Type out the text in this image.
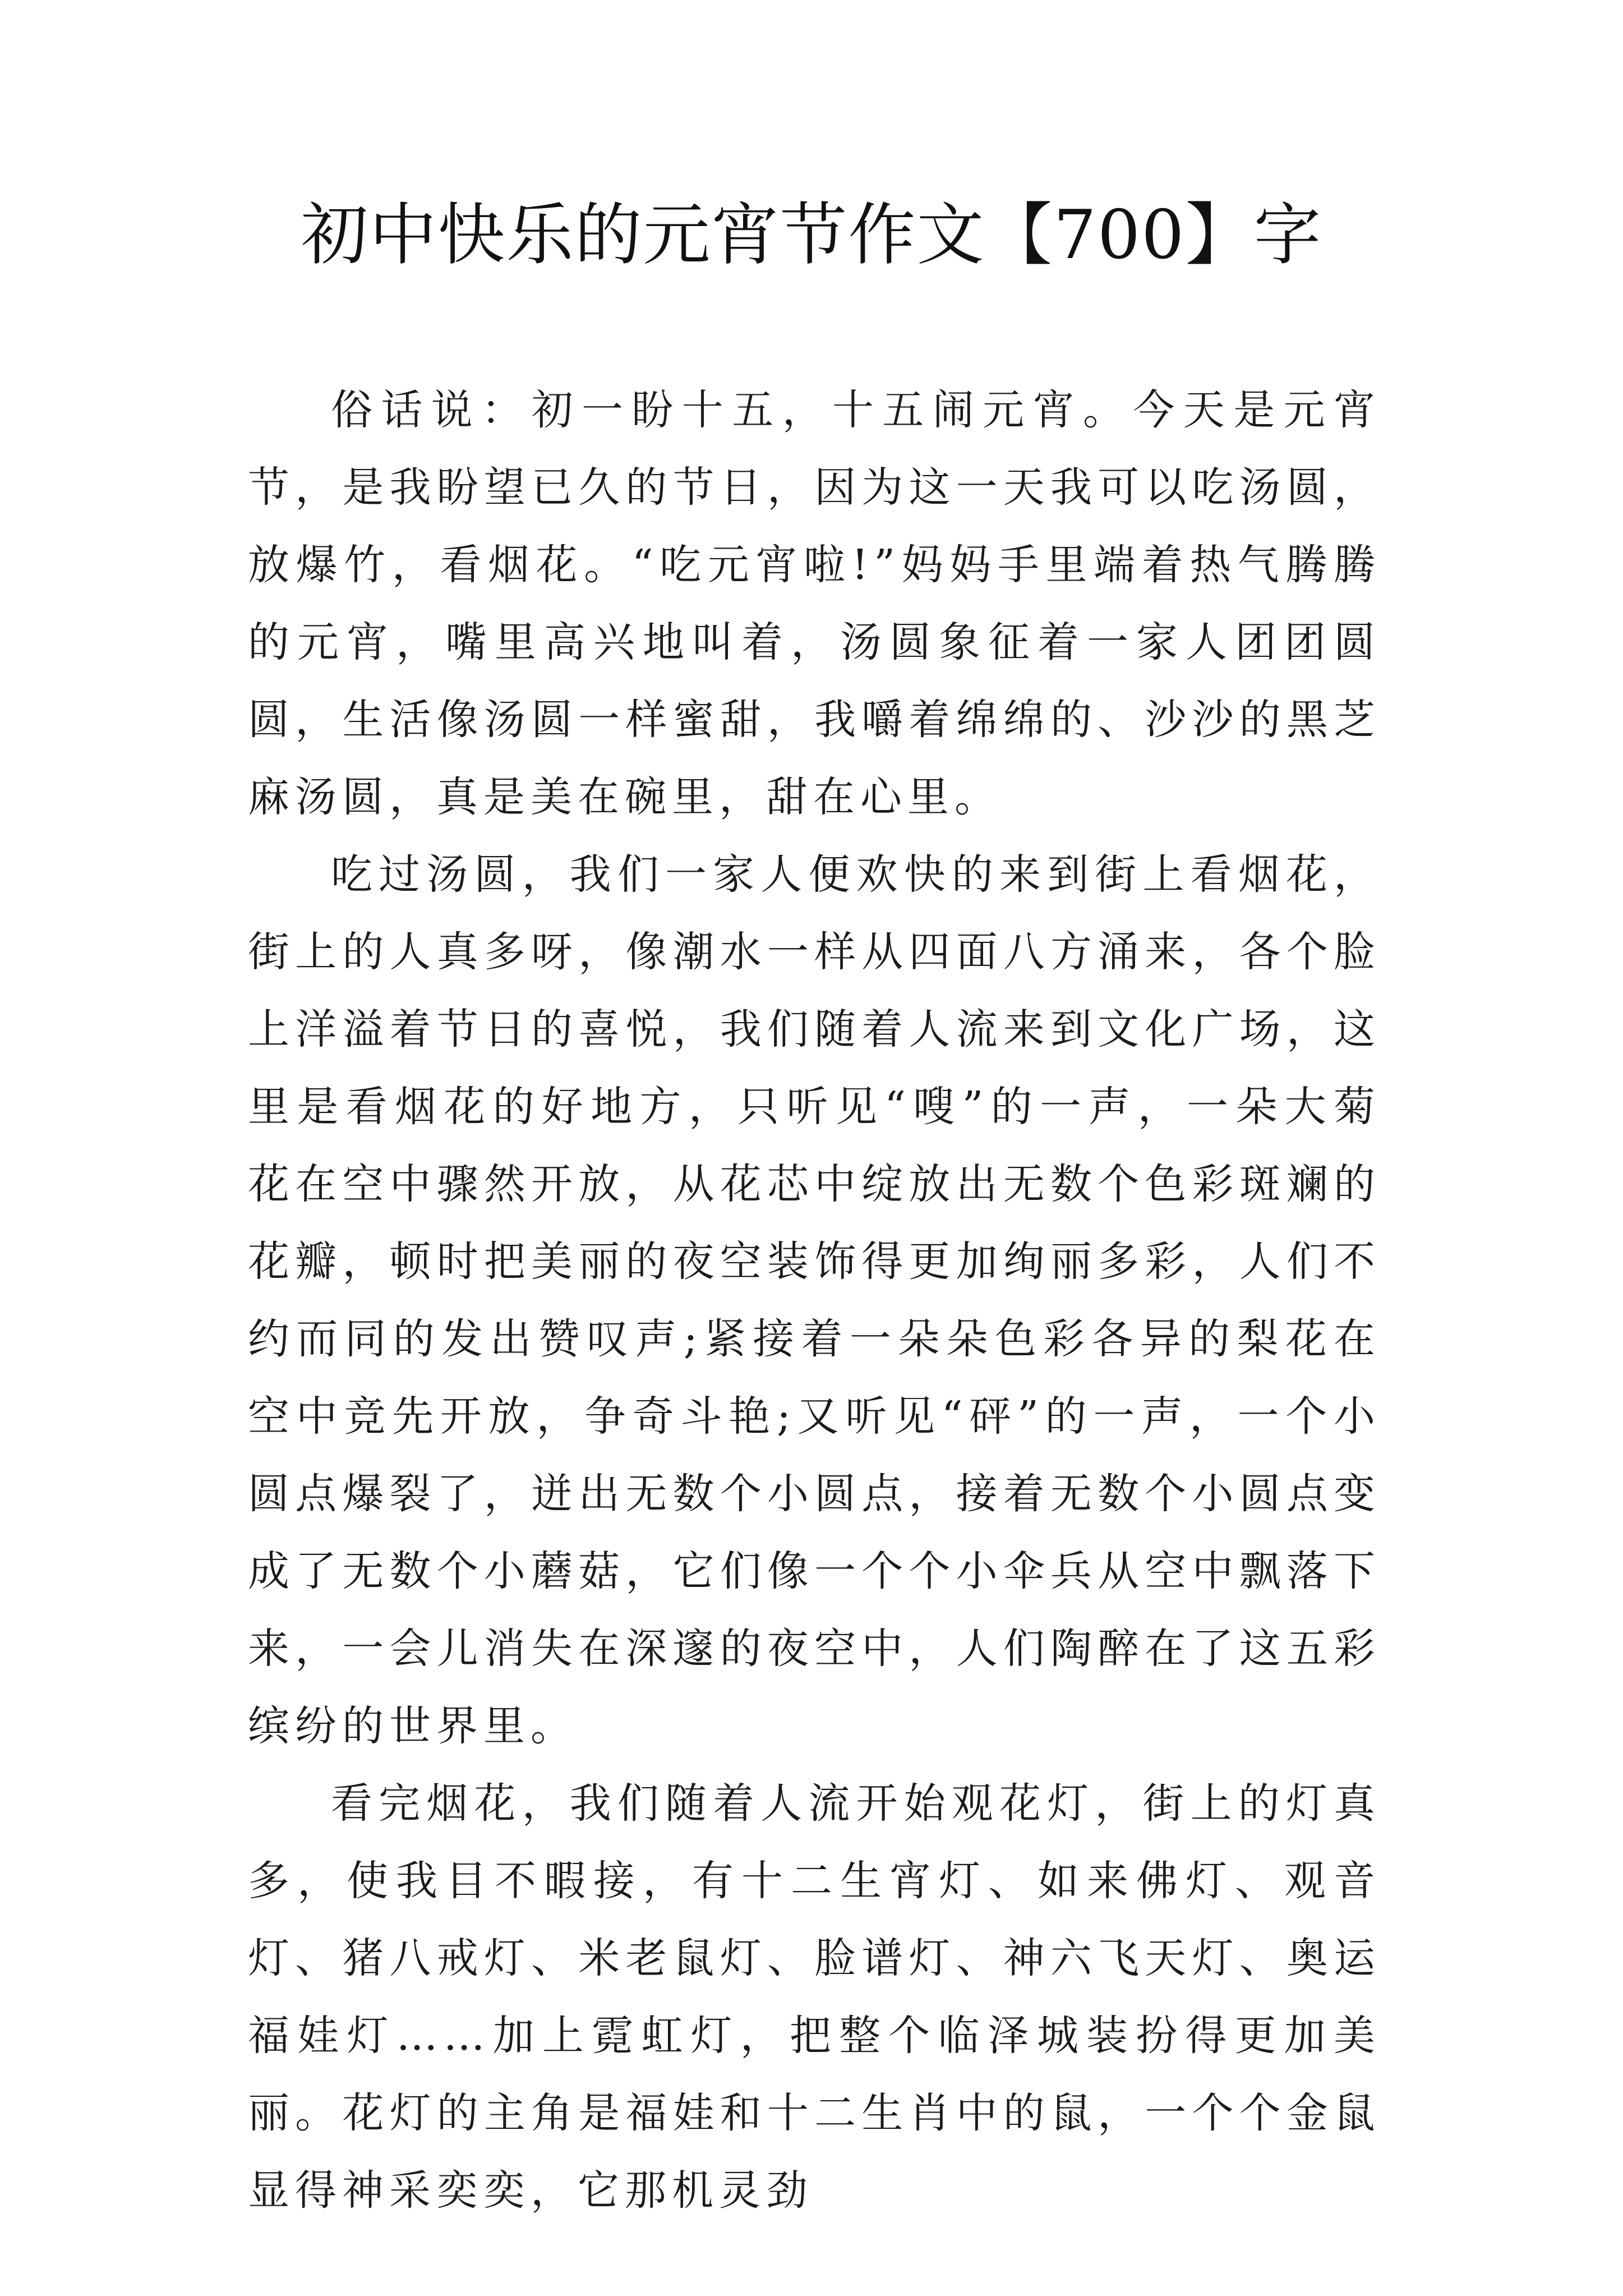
初中快乐的元宵节作文【700】字

俗话说：初一盼十五，十五闹元宵。今天是元宵节，是我盼望已久的节日，因为这一天我可以吃汤圆，放爆竹，看烟花。“吃元宵啦!”妈妈手里端着热气腾腾的元宵，嘴里高兴地叫着，汤圆象征着一家人团团圆圆，生活像汤圆一样蜜甜，我嚼着绵绵的、沙沙的黑芝麻汤圆，真是美在碗里，甜在心里。

吃过汤圆，我们一家人便欢快的来到街上看烟花，街上的人真多呀，像潮水一样从四面八方涌来，各个脸上洋溢着节日的喜悦，我们随着人流来到文化广场，这里是看烟花的好地方，只听见“嗖”的一声，一朵大菊花在空中骤然开放，从花芯中绽放出无数个色彩斑斓的花瓣，顿时把美丽的夜空装饰得更加绚丽多彩，人们不约而同的发出赞叹声;紧接着一朵朵色彩各异的梨花在空中竞先开放，争奇斗艳;又听见“砰”的一声，一个小圆点爆裂了，迸出无数个小圆点，接着无数个小圆点变成了无数个小蘑菇，它们像一个个小伞兵从空中飘落下来，一会儿消失在深邃的夜空中，人们陶醉在了这五彩缤纷的世界里。

看完烟花，我们随着人流开始观花灯，街上的灯真多，使我目不暇接，有十二生宵灯、如来佛灯、观音灯、猪八戒灯、米老鼠灯、脸谱灯、神六飞天灯、奥运福娃灯……加上霓虹灯，把整个临泽城装扮得更加美丽。花灯的主角是福娃和十二生肖中的鼠，一个个金鼠显得神采奕奕，它那机灵劲
